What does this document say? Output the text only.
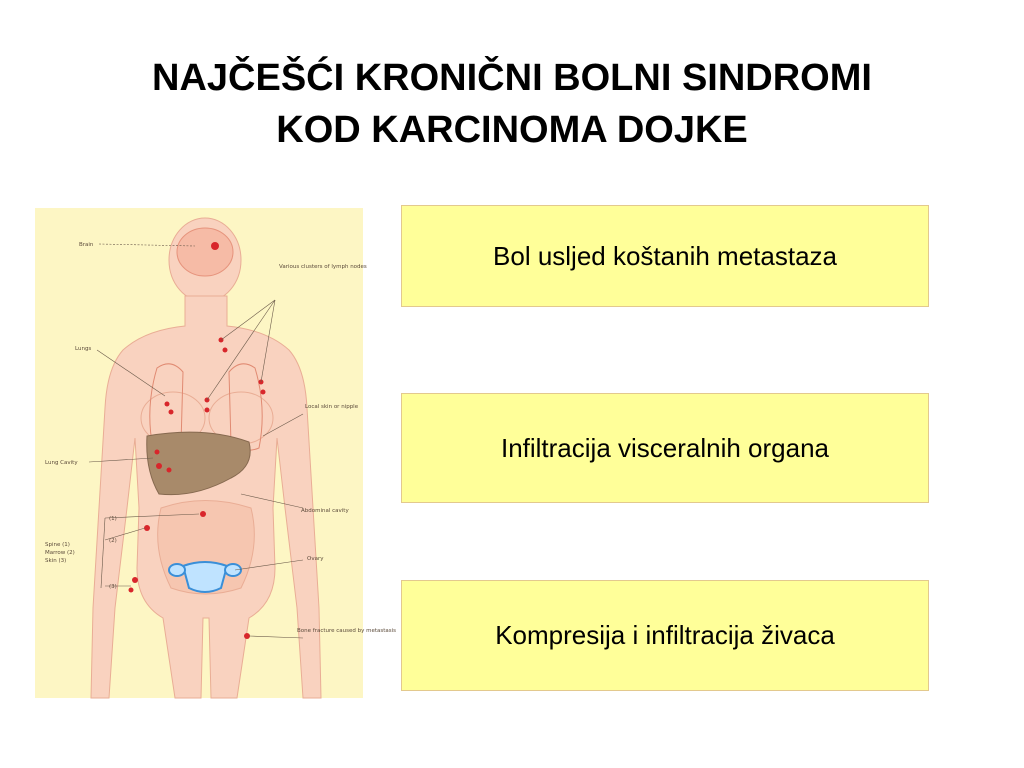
NAJČEŠĆI KRONIČNI BOLNI SINDROMI
KOD KARCINOMA DOJKE
Brain
Various clusters of lymph nodes
Lungs
Local skin or nipple
Lung Cavity
Abdominal cavity
(1)
(2)
(3)
Spine (1)
Marrow (2)
Skin (3)	Ovary
Bone fracture caused by metastasis
Bol usljed koštanih metastaza
Infiltracija visceralnih organa
Kompresija i infiltracija živaca
